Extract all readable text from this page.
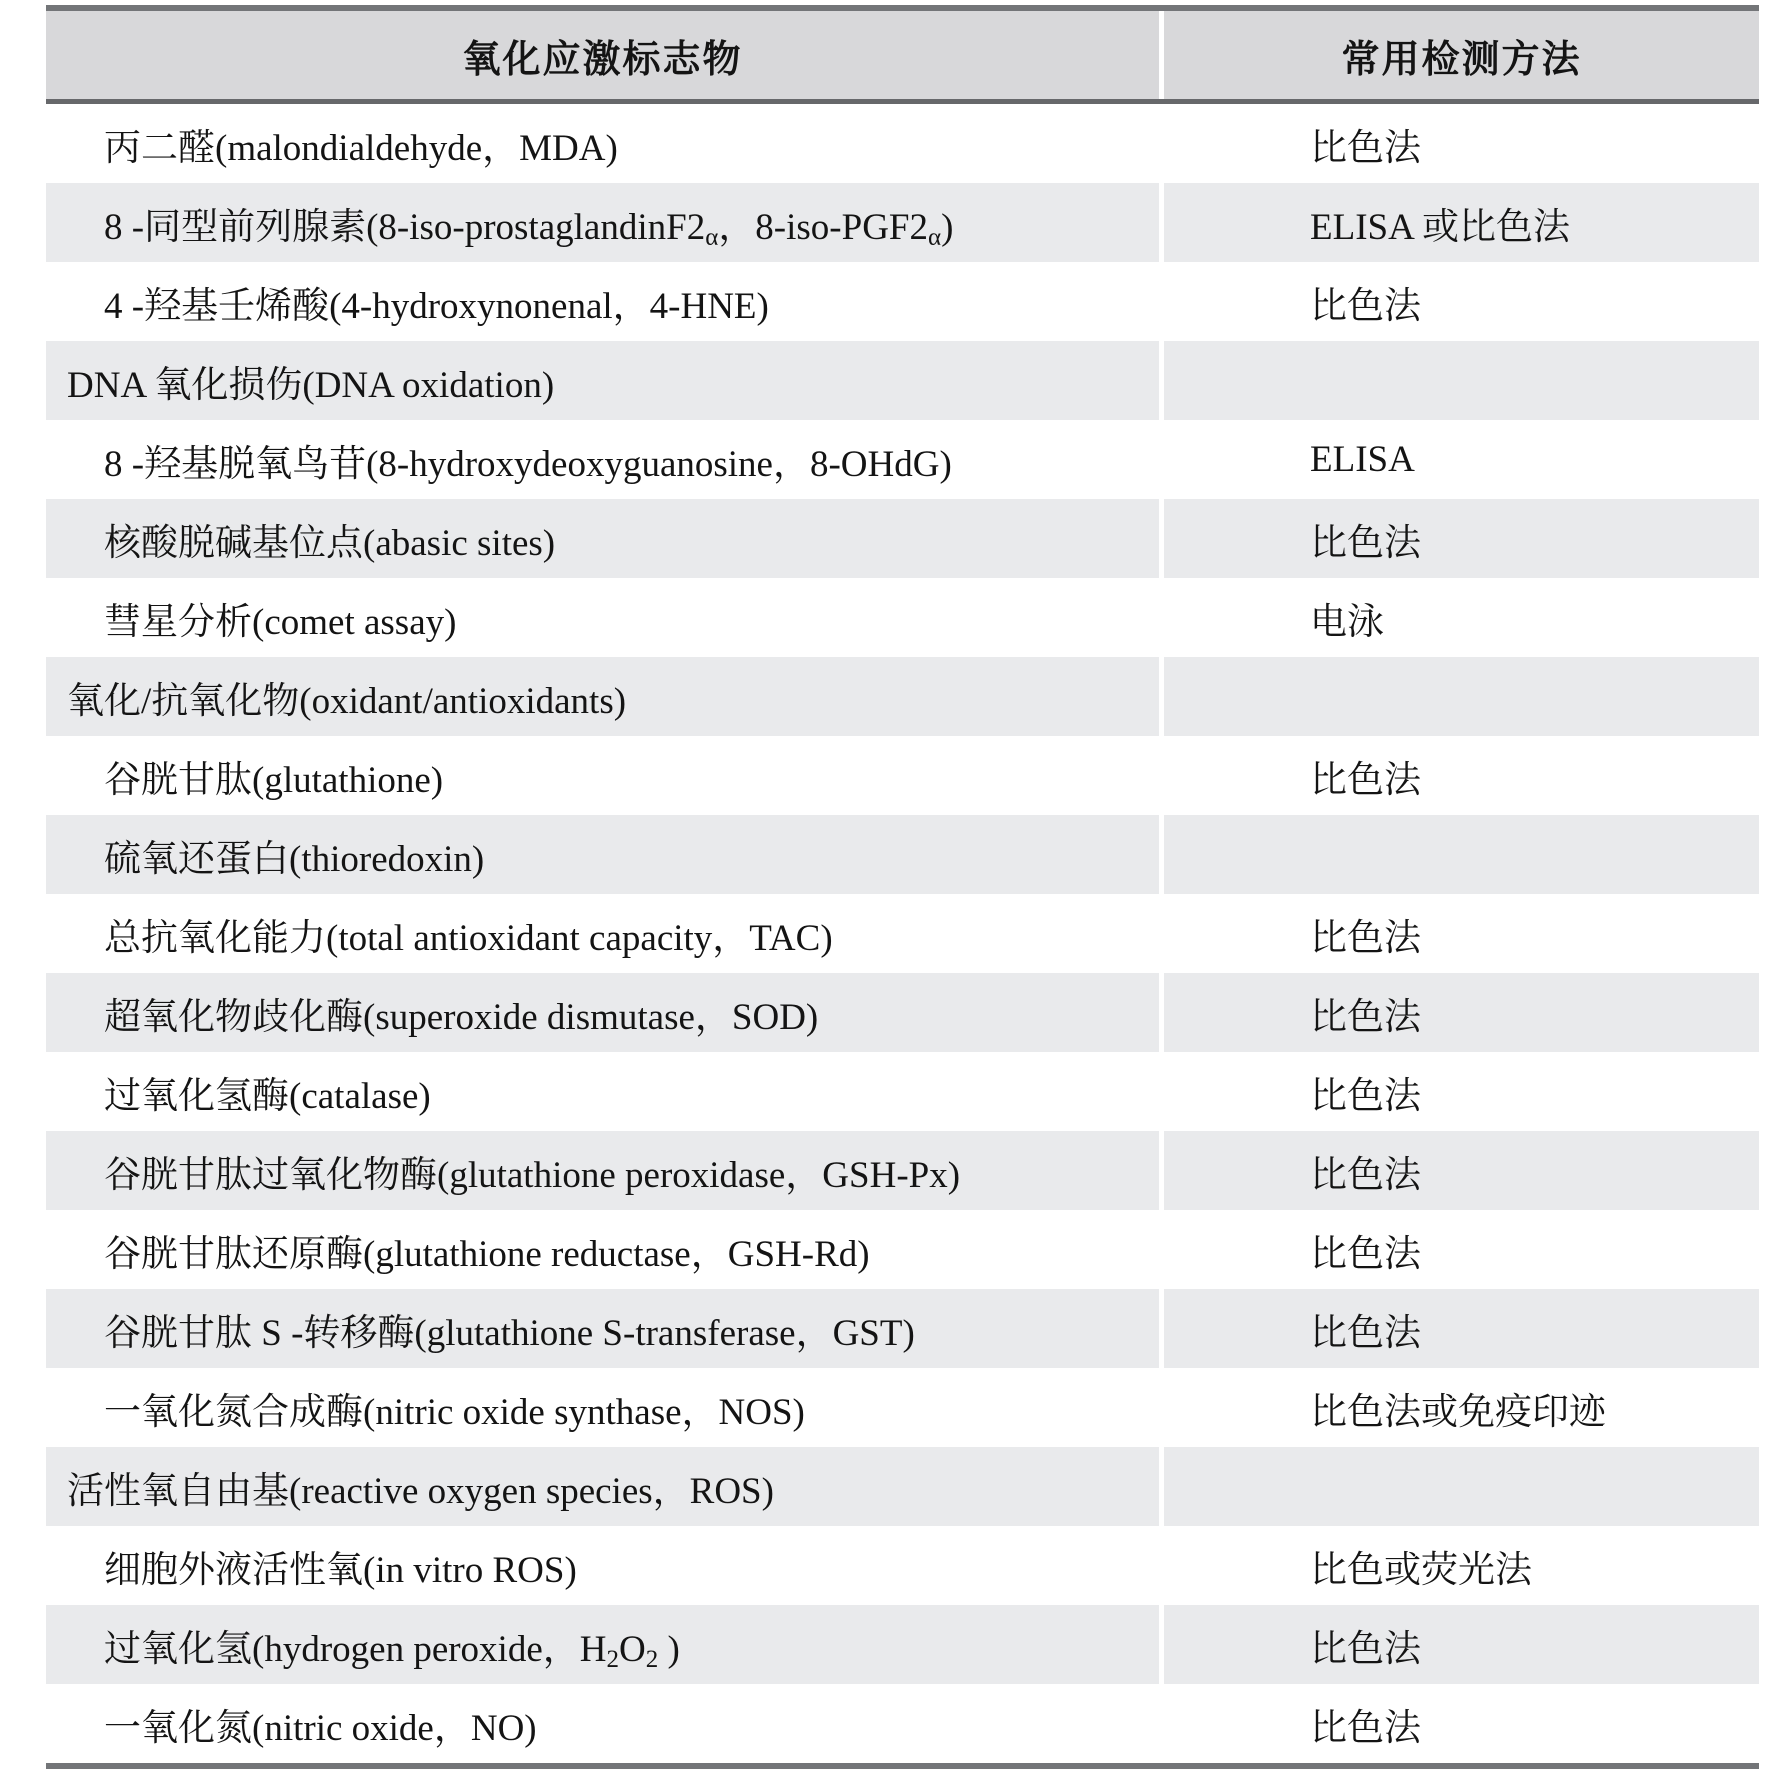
氧化应激标志物	常用检测方法
丙二醛(malondialdehyde，MDA)	比色法
8 -同型前列腺素($8-iso-prostaglandinF2_\alpha$，$8-iso-PGF2_\alpha$)	ELISA 或比色法
4 -羟基壬烯酸(4-hydroxynonenal，4-HNE)	比色法
DNA 氧化损伤(DNA oxidation)
8 -羟基脱氧鸟苷(8-hydroxydeoxyguanosine，8-OHdG)	ELISA
核酸脱碱基位点(abasic sites)	比色法
彗星分析(comet assay)	电泳
氧化/抗氧化物(oxidant/antioxidants)
谷胱甘肽(glutathione)	比色法
硫氧还蛋白(thioredoxin)
总抗氧化能力(total antioxidant capacity，TAC)	比色法
超氧化物歧化酶(superoxide dismutase，SOD)	比色法
过氧化氢酶(catalase)	比色法
谷胱甘肽过氧化物酶(glutathione peroxidase，GSH-Px)	比色法
谷胱甘肽还原酶(glutathione reductase，GSH-Rd)	比色法
谷胱甘肽 S -转移酶(glutathione S-transferase，GST)	比色法
一氧化氮合成酶(nitric oxide synthase，NOS)	比色法或免疫印迹
活性氧自由基(reactive oxygen species，ROS)
细胞外液活性氧(in vitro ROS)	比色或荧光法
过氧化氢(hydrogen peroxide，$H_2O_2$ )	比色法
一氧化氮(nitric oxide，NO)	比色法
